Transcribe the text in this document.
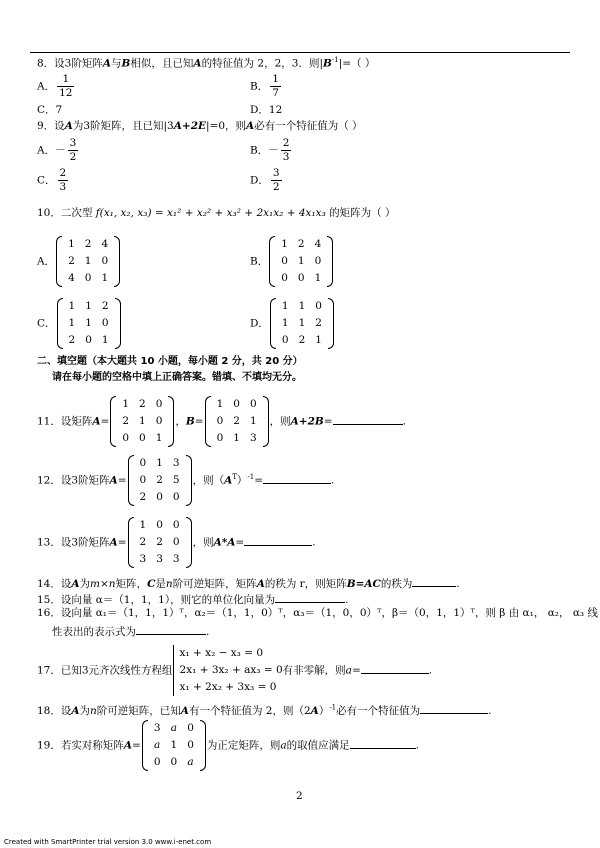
8．设3阶矩阵A与B相似，且已知A的特征值为 2，2，3．则$|B^{-1}|=$（ ）
A． $\frac{1}{12}$	B． $\frac{1}{7}$
C．7	D．12
9．设A为3阶矩阵，且已知|3A+2E|=0，则A必有一个特征值为（ ）
A．－ $\frac{3}{2}$	B．－ $\frac{2}{3}$
C． $\frac{2}{3}$	D． $\frac{3}{2}$
10．二次型 f(x₁, x₂, x₃) = x₁² + x₂² + x₃² + 2x₁x₂ + 4x₁x₃ 的矩阵为（ ）
A．
1	2	4
2	1	0
4	0	1
B．
1	2	4
0	1	0
0	0	1
C．
1	1	2
1	1	0
2	0	1
D．
1	1	0
1	1	2
0	2	1
二、填空题（本大题共 10 小题，每小题 2 分，共 20 分）
请在每小题的空格中填上正确答案。错填、不填均无分。
11．设矩阵A=
1	2	0
2	1	0
0	0	1
，B=
1	0	0
0	2	1
0	1	3
，则A+2B=	.
12．设3阶矩阵A=
0	1	3
0	2	5
2	0	0
，则$(A^T)^{-1}=$	.
13．设3阶矩阵A=
1	0	0
2	2	0
3	3	3
，则A*A=	.
14．设A为m×n矩阵，C是n阶可逆矩阵，矩阵A的秩为 r，则矩阵B=AC的秩为	.
15．设向量 α＝（1，1，1），则它的单位化向量为	.
16．设向量 α₁＝（1，1，1）ᵀ，α₂＝（1，1，0）ᵀ，α₃＝（1，0，0）ᵀ，β＝（0，1，1）ᵀ，则 β 由 α₁， α₂， α₃ 线
性表出的表示式为	.
17．已知3元齐次线性方程组
x₁ + x₂ − x₃ = 0
2x₁ + 3x₂ + ax₃ = 0
x₁ + 2x₂ + 3x₃ = 0
有非零解，则a=	.
18．设A为n阶可逆矩阵，已知A有一个特征值为 2，则$(2A)^{-1}$必有一个特征值为	.
19．若实对称矩阵A=
3	a	0
a	1	0
0	0	a
为正定矩阵，则a的取值应满足	.
2
Created with SmartPrinter trial version 3.0 www.i-enet.com
